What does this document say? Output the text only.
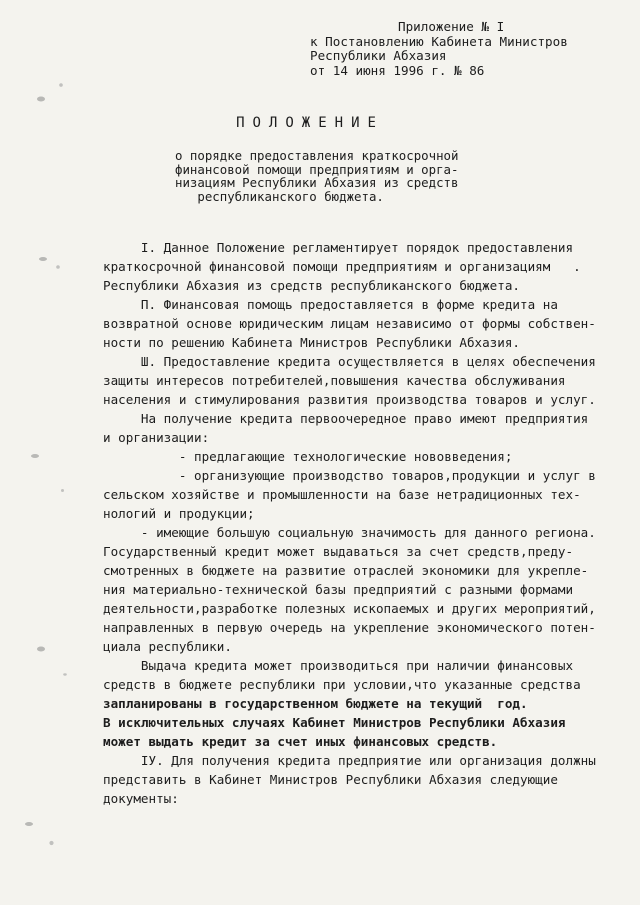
Приложение № I
к Постановлению Кабинета Министров
Республики Абхазия
от 14 июня 1996 г. № 86
ПОЛОЖЕНИЕ
о порядке предоставления краткосрочной
финансовой помощи предприятиям и орга-
низациям Республики Абхазия из средств
республиканского бюджета.
I. Данное Положение регламентирует порядок предоставления
краткосрочной финансовой помощи предприятиям и организациям   .
Республики Абхазия из средств республиканского бюджета.
П. Финансовая помощь предоставляется в форме кредита на
возвратной основе юридическим лицам независимо от формы собствен-
ности по решению Кабинета Министров Республики Абхазия.
Ш. Предоставление кредита осуществляется в целях обеспечения
защиты интересов потребителей,повышения качества обслуживания
населения и стимулирования развития производства товаров и услуг.
На получение кредита первоочередное право имеют предприятия
и организации:
- предлагающие технологические нововведения;
- организующие производство товаров,продукции и услуг в
сельском хозяйстве и промышленности на базе нетрадиционных тех-
нологий и продукции;
- имеющие большую социальную значимость для данного региона.
Государственный кредит может выдаваться за счет средств,преду-
смотренных в бюджете на развитие отраслей экономики для укрепле-
ния материально-технической базы предприятий с разными формами
деятельности,разработке полезных ископаемых и других мероприятий,
направленных в первую очередь на укрепление экономического потен-
циала республики.
Выдача кредита может производиться при наличии финансовых
средств в бюджете республики при условии,что указанные средства
запланированы в государственном бюджете на текущий  год.
В исключительных случаях Кабинет Министров Республики Абхазия
может выдать кредит за счет иных финансовых средств.
IУ. Для получения кредита предприятие или организация должны
представить в Кабинет Министров Республики Абхазия следующие
документы:
